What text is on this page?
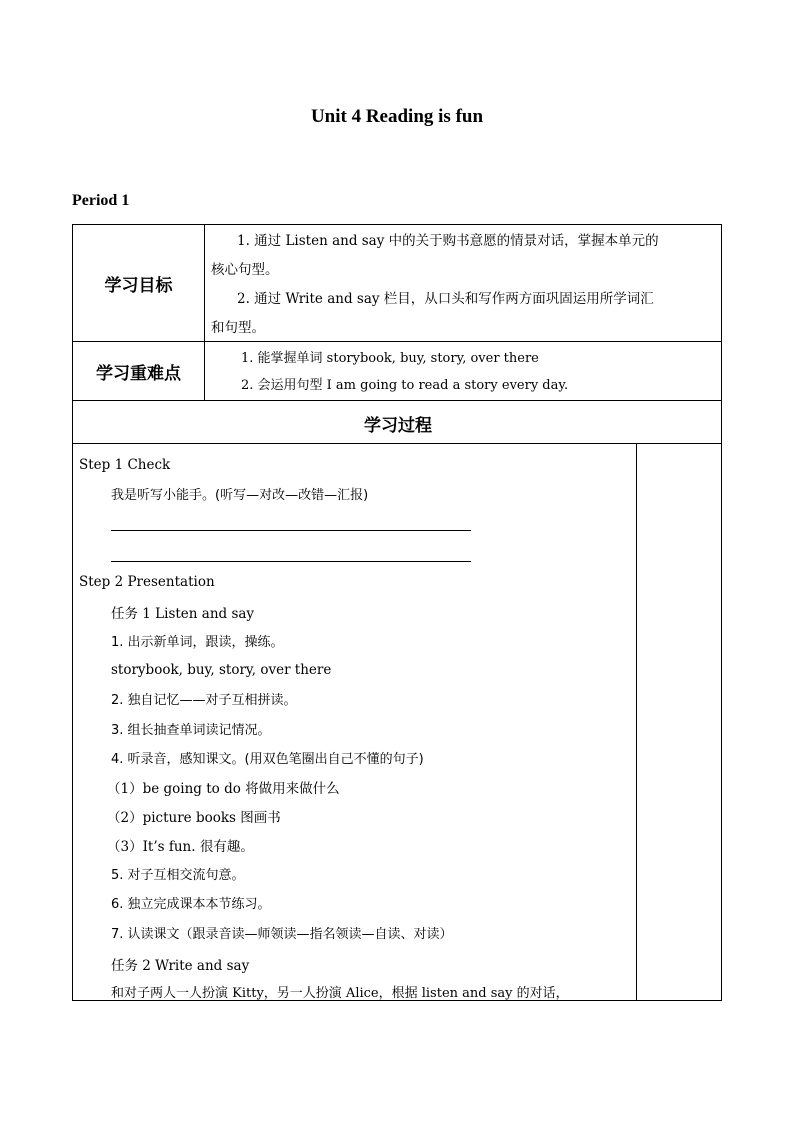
Unit 4 Reading is fun
Period 1
学习目标

1. 通过 Listen and say 中的关于购书意愿的情景对话，掌握本单元的

核心句型。

2. 通过 Write and say 栏目，从口头和写作两方面巩固运用所学词汇

和句型。

学习重难点

1. 能掌握单词 storybook, buy, story, over there

2. 会运用句型 I am going to read a story every day.

学习过程
Step 1 Check
我是听写小能手。(听写—对改—改错—汇报)
Step 2 Presentation
任务 1 Listen and say
1. 出示新单词，跟读，操练。
storybook, buy, story, over there
2. 独自记忆——对子互相拼读。
3. 组长抽查单词读记情况。
4. 听录音，感知课文。(用双色笔圈出自己不懂的句子)
（1）be going to do 将做用来做什么
（2）picture books 图画书
（3）It’s fun. 很有趣。
5. 对子互相交流句意。
6. 独立完成课本本节练习。
7. 认读课文（跟录音读—师领读—指名领读—自读、对读）
任务 2 Write and say
和对子两人一人扮演 Kitty，另一人扮演 Alice，根据 listen and say 的对话，
